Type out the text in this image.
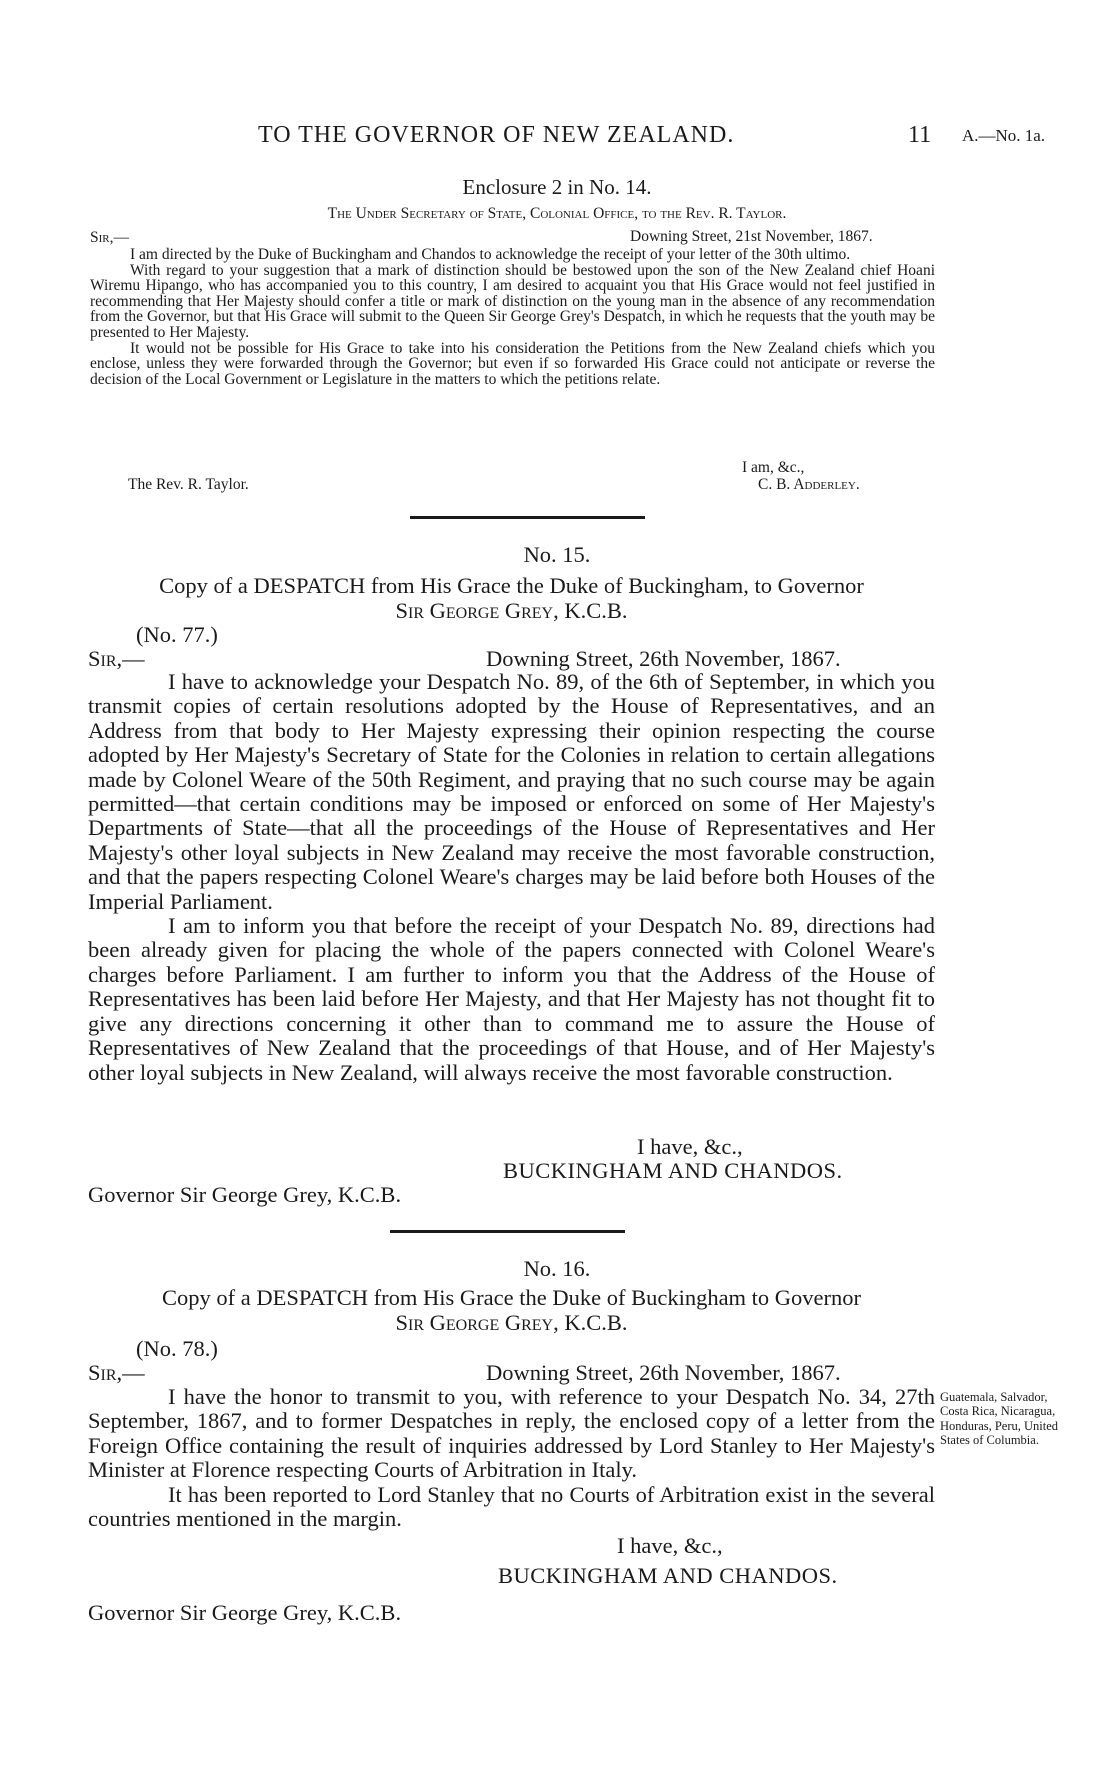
TO THE GOVERNOR OF NEW ZEALAND.	11 A.—No. 1a.
Enclosure 2 in No. 14.
The Under Secretary of State, Colonial Office, to the Rev. R. Taylor.
Sir,—	Downing Street, 21st November, 1867.

I am directed by the Duke of Buckingham and Chandos to acknowledge the receipt of your letter of the 30th ultimo.

With regard to your suggestion that a mark of distinction should be bestowed upon the son of the New Zealand chief Hoani Wiremu Hipango, who has accompanied you to this country, I am desired to acquaint you that His Grace would not feel justified in recommending that Her Majesty should confer a title or mark of distinction on the young man in the absence of any recommendation from the Governor, but that His Grace will submit to the Queen Sir George Grey's Despatch, in which he requests that the youth may be presented to Her Majesty.

It would not be possible for His Grace to take into his consideration the Petitions from the New Zealand chiefs which you enclose, unless they were forwarded through the Governor; but even if so forwarded His Grace could not anticipate or reverse the decision of the Local Government or Legislature in the matters to which the petitions relate.

I am, &c.,
The Rev. R. Taylor.	C. B. Adderley.
No. 15.
Copy of a DESPATCH from His Grace the Duke of Buckingham, to Governor
Sir George Grey, K.C.B.
(No. 77.)
Sir,—	Downing Street, 26th November, 1867.

I have to acknowledge your Despatch No. 89, of the 6th of September, in which you transmit copies of certain resolutions adopted by the House of Representatives, and an Address from that body to Her Majesty expressing their opinion respecting the course adopted by Her Majesty's Secretary of State for the Colonies in relation to certain allegations made by Colonel Weare of the 50th Regiment, and praying that no such course may be again permitted—that certain conditions may be imposed or enforced on some of Her Majesty's Departments of State—that all the proceedings of the House of Representatives and Her Majesty's other loyal subjects in New Zealand may receive the most favorable construction, and that the papers respecting Colonel Weare's charges may be laid before both Houses of the Imperial Parliament.

I am to inform you that before the receipt of your Despatch No. 89, directions had been already given for placing the whole of the papers connected with Colonel Weare's charges before Parliament. I am further to inform you that the Address of the House of Representatives has been laid before Her Majesty, and that Her Majesty has not thought fit to give any directions concerning it other than to command me to assure the House of Representatives of New Zealand that the proceedings of that House, and of Her Majesty's other loyal subjects in New Zealand, will always receive the most favorable construction.

I have, &c.,
BUCKINGHAM AND CHANDOS.
Governor Sir George Grey, K.C.B.
No. 16.
Copy of a DESPATCH from His Grace the Duke of Buckingham to Governor
Sir George Grey, K.C.B.
(No. 78.)
Sir,—	Downing Street, 26th November, 1867.

I have the honor to transmit to you, with reference to your Despatch No. 34, 27th September, 1867, and to former Despatches in reply, the enclosed copy of a letter from the Foreign Office containing the result of inquiries addressed by Lord Stanley to Her Majesty's Minister at Florence respecting Courts of Arbitration in Italy.

It has been reported to Lord Stanley that no Courts of Arbitration exist in the several countries mentioned in the margin.

Guatemala, Salvador, Costa Rica, Nicaragua, Honduras, Peru, United States of Columbia.
I have, &c.,
BUCKINGHAM AND CHANDOS.
Governor Sir George Grey, K.C.B.
